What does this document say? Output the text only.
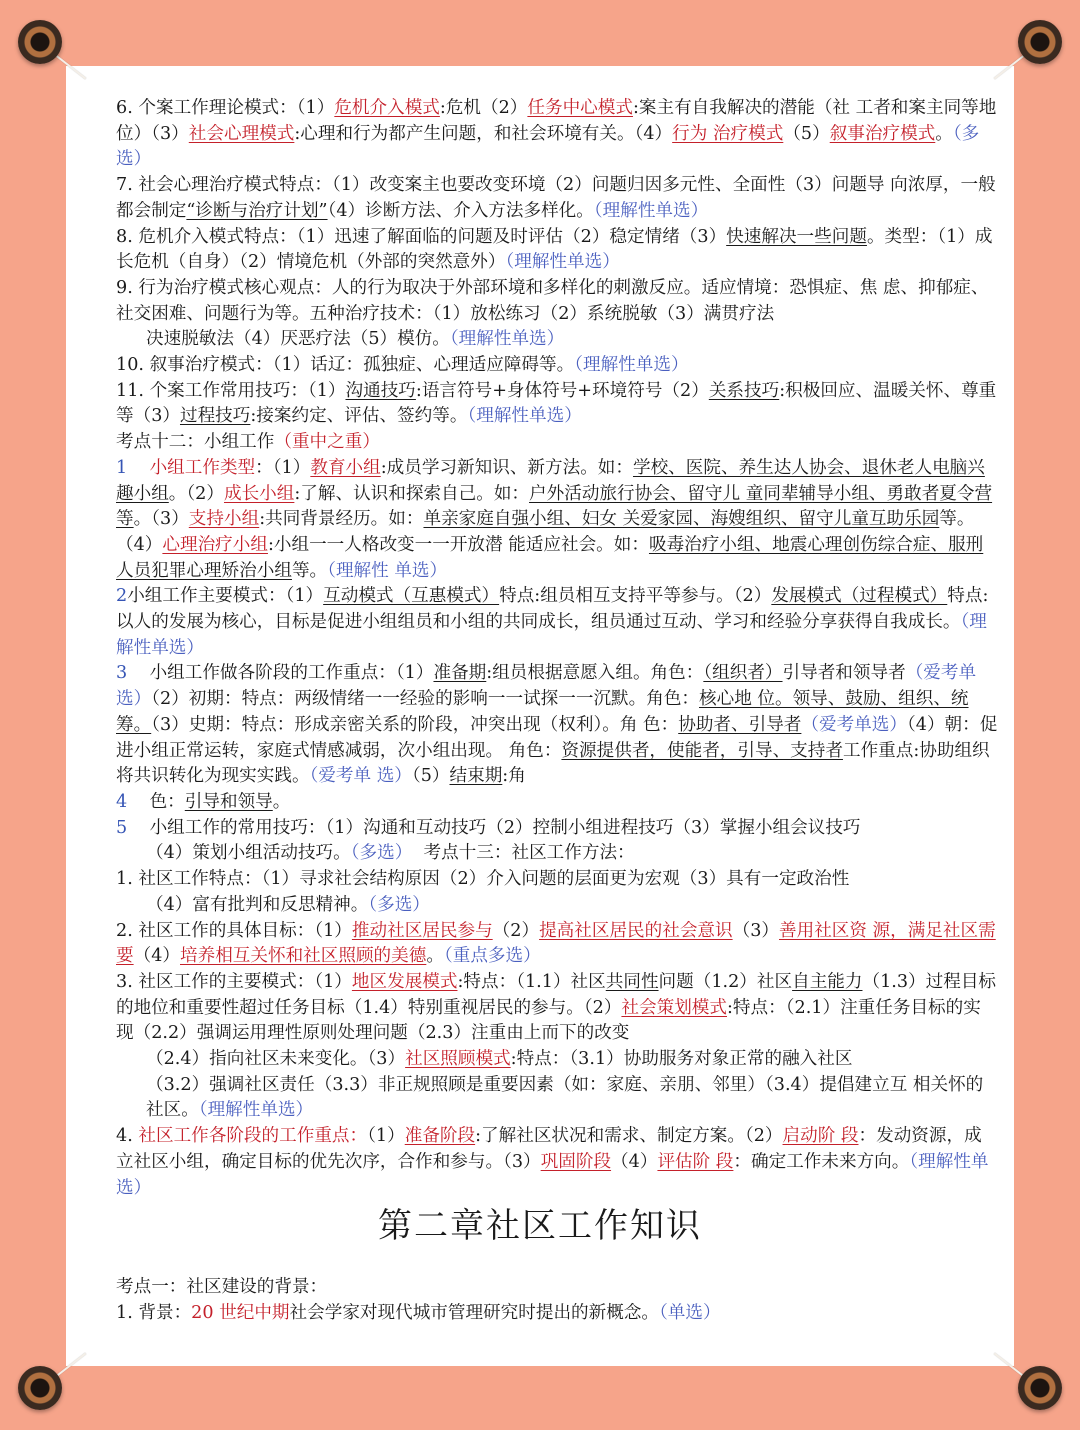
6. 个案工作理论模式：（1）危机介入模式:危机（2）任务中心模式:案主有自我解决的潜能（社 工者和案主同等地位）（3）社会心理模式:心理和行为都产生问题，和社会环境有关。（4）行为 治疗模式（5）叙事治疗模式。（多选）

7. 社会心理治疗模式特点：（1）改变案主也要改变环境（2）问题归因多元性、全面性（3）问题导 向浓厚，一般都会制定“诊断与治疗计划”（4）诊断方法、介入方法多样化。（理解性单选）

8. 危机介入模式特点：（1）迅速了解面临的问题及时评估（2）稳定情绪（3）快速解决一些问题。类型：（1）成长危机（自身）（2）情境危机（外部的突然意外）（理解性单选）

9. 行为治疗模式核心观点：人的行为取决于外部环境和多样化的刺激反应。适应情境：恐惧症、焦 虑、抑郁症、社交困难、问题行为等。五种治疗技术：（1）放松练习（2）系统脱敏（3）满贯疗法

决速脱敏法（4）厌恶疗法（5）模仿。（理解性单选）

10. 叙事治疗模式：（1）话辽：孤独症、心理适应障碍等。（理解性单选）

11. 个案工作常用技巧：（1）沟通技巧:语言符号+身体符号+环境符号（2）关系技巧:积极回应、温暖关怀、尊重等（3）过程技巧:接案约定、评估、签约等。（理解性单选）

考点十二：小组工作（重中之重）

1 小组工作类型：（1）教育小组:成员学习新知识、新方法。如：学校、医院、养生达人协会、退休老人电脑兴趣小组。（2）成长小组:了解、认识和探索自己。如：户外活动旅行协会、留守儿 童同辈辅导小组、勇敢者夏令营等。（3）支持小组:共同背景经历。如：单亲家庭自强小组、妇女 关爱家园、海嫂组织、留守儿童互助乐园等。（4）心理治疗小组:小组一一人格改变一一开放潜 能适应社会。如：吸毒治疗小组、地震心理创伤综合症、服刑人员犯罪心理矫治小组等。（理解性 单选）

2小组工作主要模式：（1）互动模式（互惠模式）特点:组员相互支持平等参与。（2）发展模式（过程模式）特点:以人的发展为核心，目标是促进小组组员和小组的共同成长，组员通过互动、学习和经验分享获得自我成长。（理解性单选）

3 小组工作做各阶段的工作重点：（1）准备期:组员根据意愿入组。角色：（组织者）引导者和领导者（爱考单选）（2）初期：特点：两级情绪一一经验的影响一一试探一一沉默。角色：核心地 位。领导、鼓励、组织、统筹。（3）史期：特点：形成亲密关系的阶段，冲突出现（权利）。角 色：协助者、引导者（爱考单选）（4）朝：促进小组正常运转，家庭式情感减弱，次小组出现。 角色：资源提供者，使能者，引导、支持者工作重点:协助组织将共识转化为现实实践。（爱考单 选）（5）结束期:角

4 色：引导和领导。

5 小组工作的常用技巧：（1）沟通和互动技巧（2）控制小组进程技巧（3）掌握小组会议技巧

（4）策划小组活动技巧。（多选） 考点十三：社区工作方法：

1. 社区工作特点：（1）寻求社会结构原因（2）介入问题的层面更为宏观（3）具有一定政治性

（4）富有批判和反思精神。（多选）

2. 社区工作的具体目标：（1）推动社区居民参与（2）提高社区居民的社会意识（3）善用社区资 源，满足社区需要（4）培养相互关怀和社区照顾的美德。（重点多选）

3. 社区工作的主要模式：（1）地区发展模式:特点：（1.1）社区共同性问题（1.2）社区自主能力（1.3）过程目标的地位和重要性超过任务目标（1.4）特别重视居民的参与。（2）社会策划模式:特点：（2.1）注重任务目标的实现（2.2）强调运用理性原则处理问题（2.3）注重由上而下的改变

（2.4）指向社区未来变化。（3）社区照顾模式:特点：（3.1）协助服务对象正常的融入社区

（3.2）强调社区责任（3.3）非正规照顾是重要因素（如：家庭、亲朋、邻里）（3.4）提倡建立互 相关怀的社区。（理解性单选）

4. 社区工作各阶段的工作重点：（1）准备阶段:了解社区状况和需求、制定方案。（2）启动阶 段：发动资源，成立社区小组，确定目标的优先次序，合作和参与。（3）巩固阶段（4）评估阶 段：确定工作未来方向。（理解性单选）

第二章社区工作知识

考点一：社区建设的背景：

1. 背景：20 世纪中期社会学家对现代城市管理研究时提出的新概念。（单选）
